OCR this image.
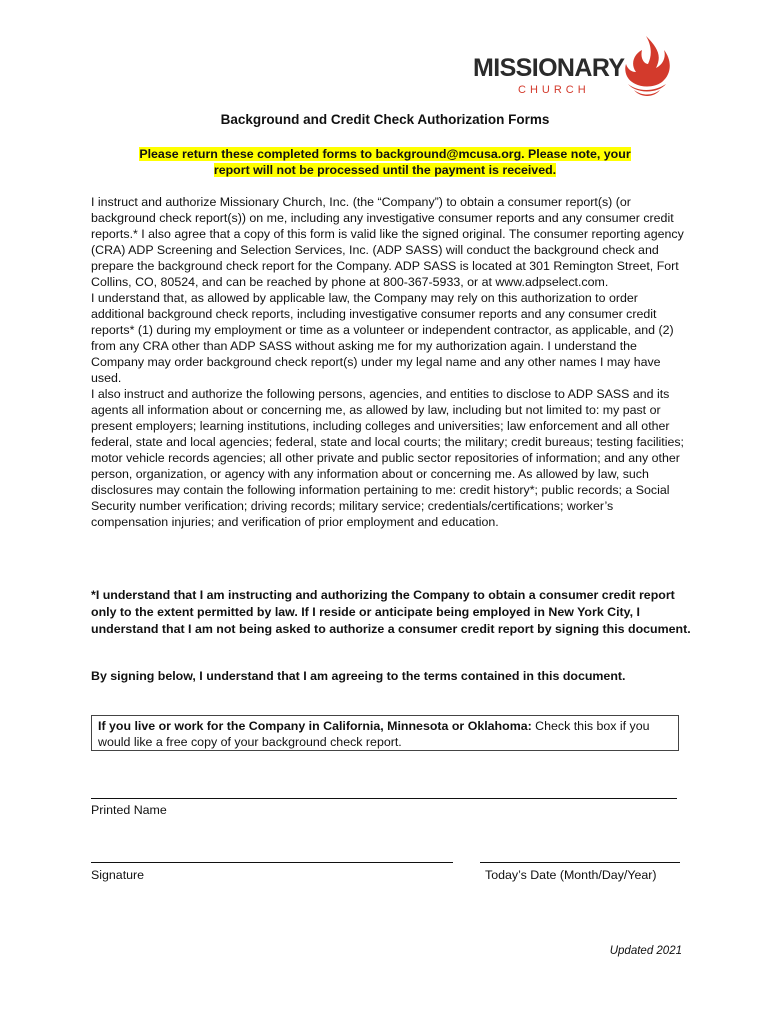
MISSIONARY
CHURCH
Background and Credit Check Authorization Forms
Please return these completed forms to background@mcusa.org. Please note, your
report will not be processed until the payment is received.

I instruct and authorize Missionary Church, Inc. (the “Company”) to obtain a consumer report(s) (or background check report(s)) on me, including any investigative consumer reports and any consumer credit reports.* I also agree that a copy of this form is valid like the signed original. The consumer reporting agency (CRA) ADP Screening and Selection Services, Inc. (ADP SASS) will conduct the background check and prepare the background check report for the Company. ADP SASS is located at 301 Remington Street, Fort Collins, CO, 80524, and can be reached by phone at 800-367-5933, or at www.adpselect.com.

I understand that, as allowed by applicable law, the Company may rely on this authorization to order additional background check reports, including investigative consumer reports and any consumer credit reports* (1) during my employment or time as a volunteer or independent contractor, as applicable, and (2) from any CRA other than ADP SASS without asking me for my authorization again. I understand the Company may order background check report(s) under my legal name and any other names I may have used.

I also instruct and authorize the following persons, agencies, and entities to disclose to ADP SASS and its agents all information about or concerning me, as allowed by law, including but not limited to: my past or present employers; learning institutions, including colleges and universities; law enforcement and all other federal, state and local agencies; federal, state and local courts; the military; credit bureaus; testing facilities; motor vehicle records agencies; all other private and public sector repositories of information; and any other person, organization, or agency with any information about or concerning me. As allowed by law, such disclosures may contain the following information pertaining to me: credit history*; public records; a Social Security number verification; driving records; military service; credentials/certifications; worker’s compensation injuries; and verification of prior employment and education.

*I understand that I am instructing and authorizing the Company to obtain a consumer credit report only to the extent permitted by law. If I reside or anticipate being employed in New York City, I understand that I am not being asked to authorize a consumer credit report by signing this document.

By signing below, I understand that I am agreeing to the terms contained in this document.

If you live or work for the Company in California, Minnesota or Oklahoma: Check this box if you would like a free copy of your background check report.
Printed Name
Signature	Today’s Date (Month/Day/Year)
Updated 2021
